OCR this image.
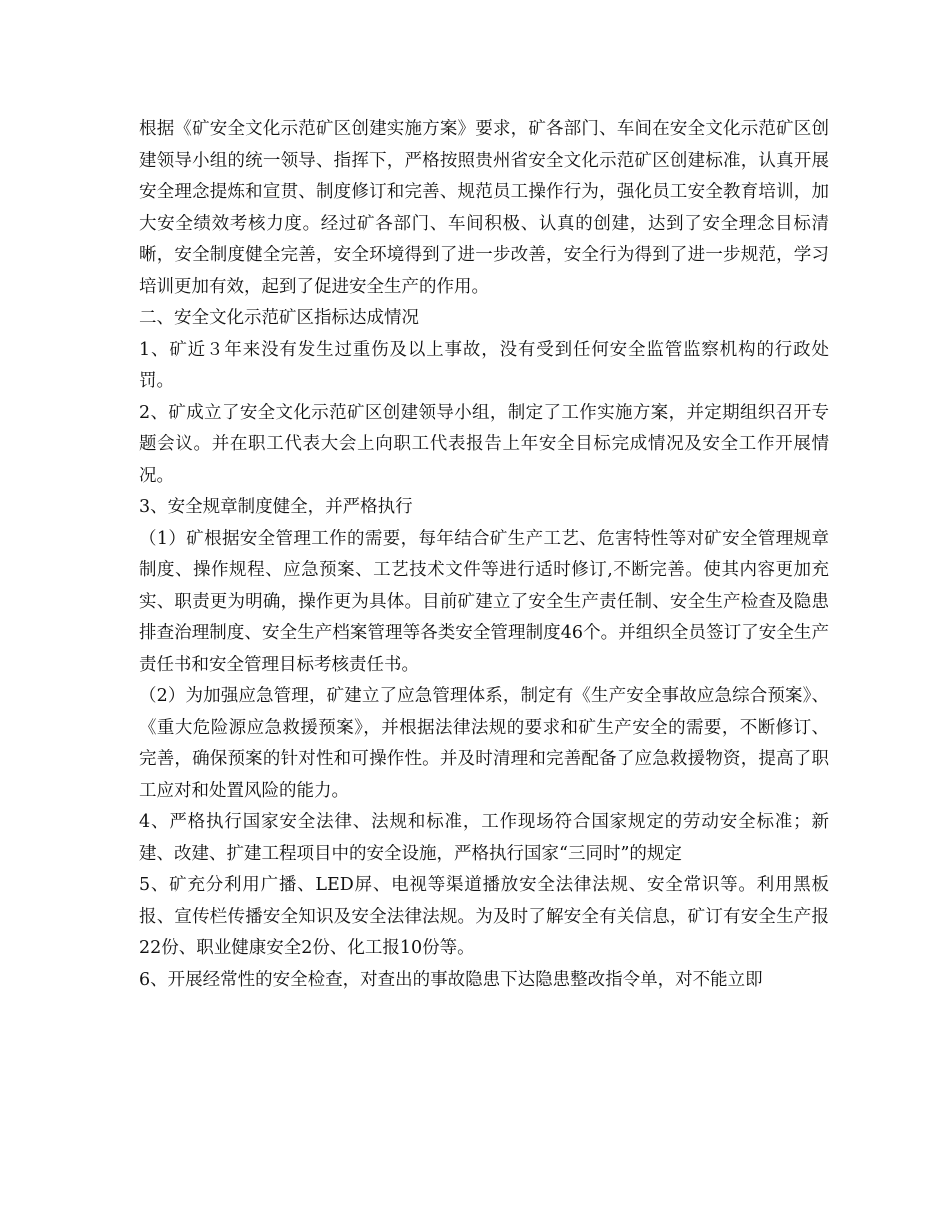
根据《矿安全文化示范矿区创建实施方案》要求，矿各部门、车间在安全文化示范矿区创建领导小组的统一领导、指挥下，严格按照贵州省安全文化示范矿区创建标准，认真开展安全理念提炼和宣贯、制度修订和完善、规范员工操作行为，强化员工安全教育培训，加大安全绩效考核力度。经过矿各部门、车间积极、认真的创建，达到了安全理念目标清晰，安全制度健全完善，安全环境得到了进一步改善，安全行为得到了进一步规范，学习培训更加有效，起到了促进安全生产的作用。

二、安全文化示范矿区指标达成情况

1、矿近３年来没有发生过重伤及以上事故，没有受到任何安全监管监察机构的行政处罚。

2、矿成立了安全文化示范矿区创建领导小组，制定了工作实施方案，并定期组织召开专题会议。并在职工代表大会上向职工代表报告上年安全目标完成情况及安全工作开展情况。

3、安全规章制度健全，并严格执行

（1）矿根据安全管理工作的需要，每年结合矿生产工艺、危害特性等对矿安全管理规章制度、操作规程、应急预案、工艺技术文件等进行适时修订,不断完善。使其内容更加充实、职责更为明确，操作更为具体。目前矿建立了安全生产责任制、安全生产检查及隐患排查治理制度、安全生产档案管理等各类安全管理制度46个。并组织全员签订了安全生产责任书和安全管理目标考核责任书。

（2）为加强应急管理，矿建立了应急管理体系，制定有《生产安全事故应急综合预案》、《重大危险源应急救援预案》，并根据法律法规的要求和矿生产安全的需要，不断修订、完善，确保预案的针对性和可操作性。并及时清理和完善配备了应急救援物资，提高了职工应对和处置风险的能力。

4、严格执行国家安全法律、法规和标准，工作现场符合国家规定的劳动安全标准；新建、改建、扩建工程项目中的安全设施，严格执行国家“三同时”的规定

5、矿充分利用广播、LED屏、电视等渠道播放安全法律法规、安全常识等。利用黑板报、宣传栏传播安全知识及安全法律法规。为及时了解安全有关信息，矿订有安全生产报22份、职业健康安全2份、化工报10份等。

6、开展经常性的安全检查，对查出的事故隐患下达隐患整改指令单，对不能立即
